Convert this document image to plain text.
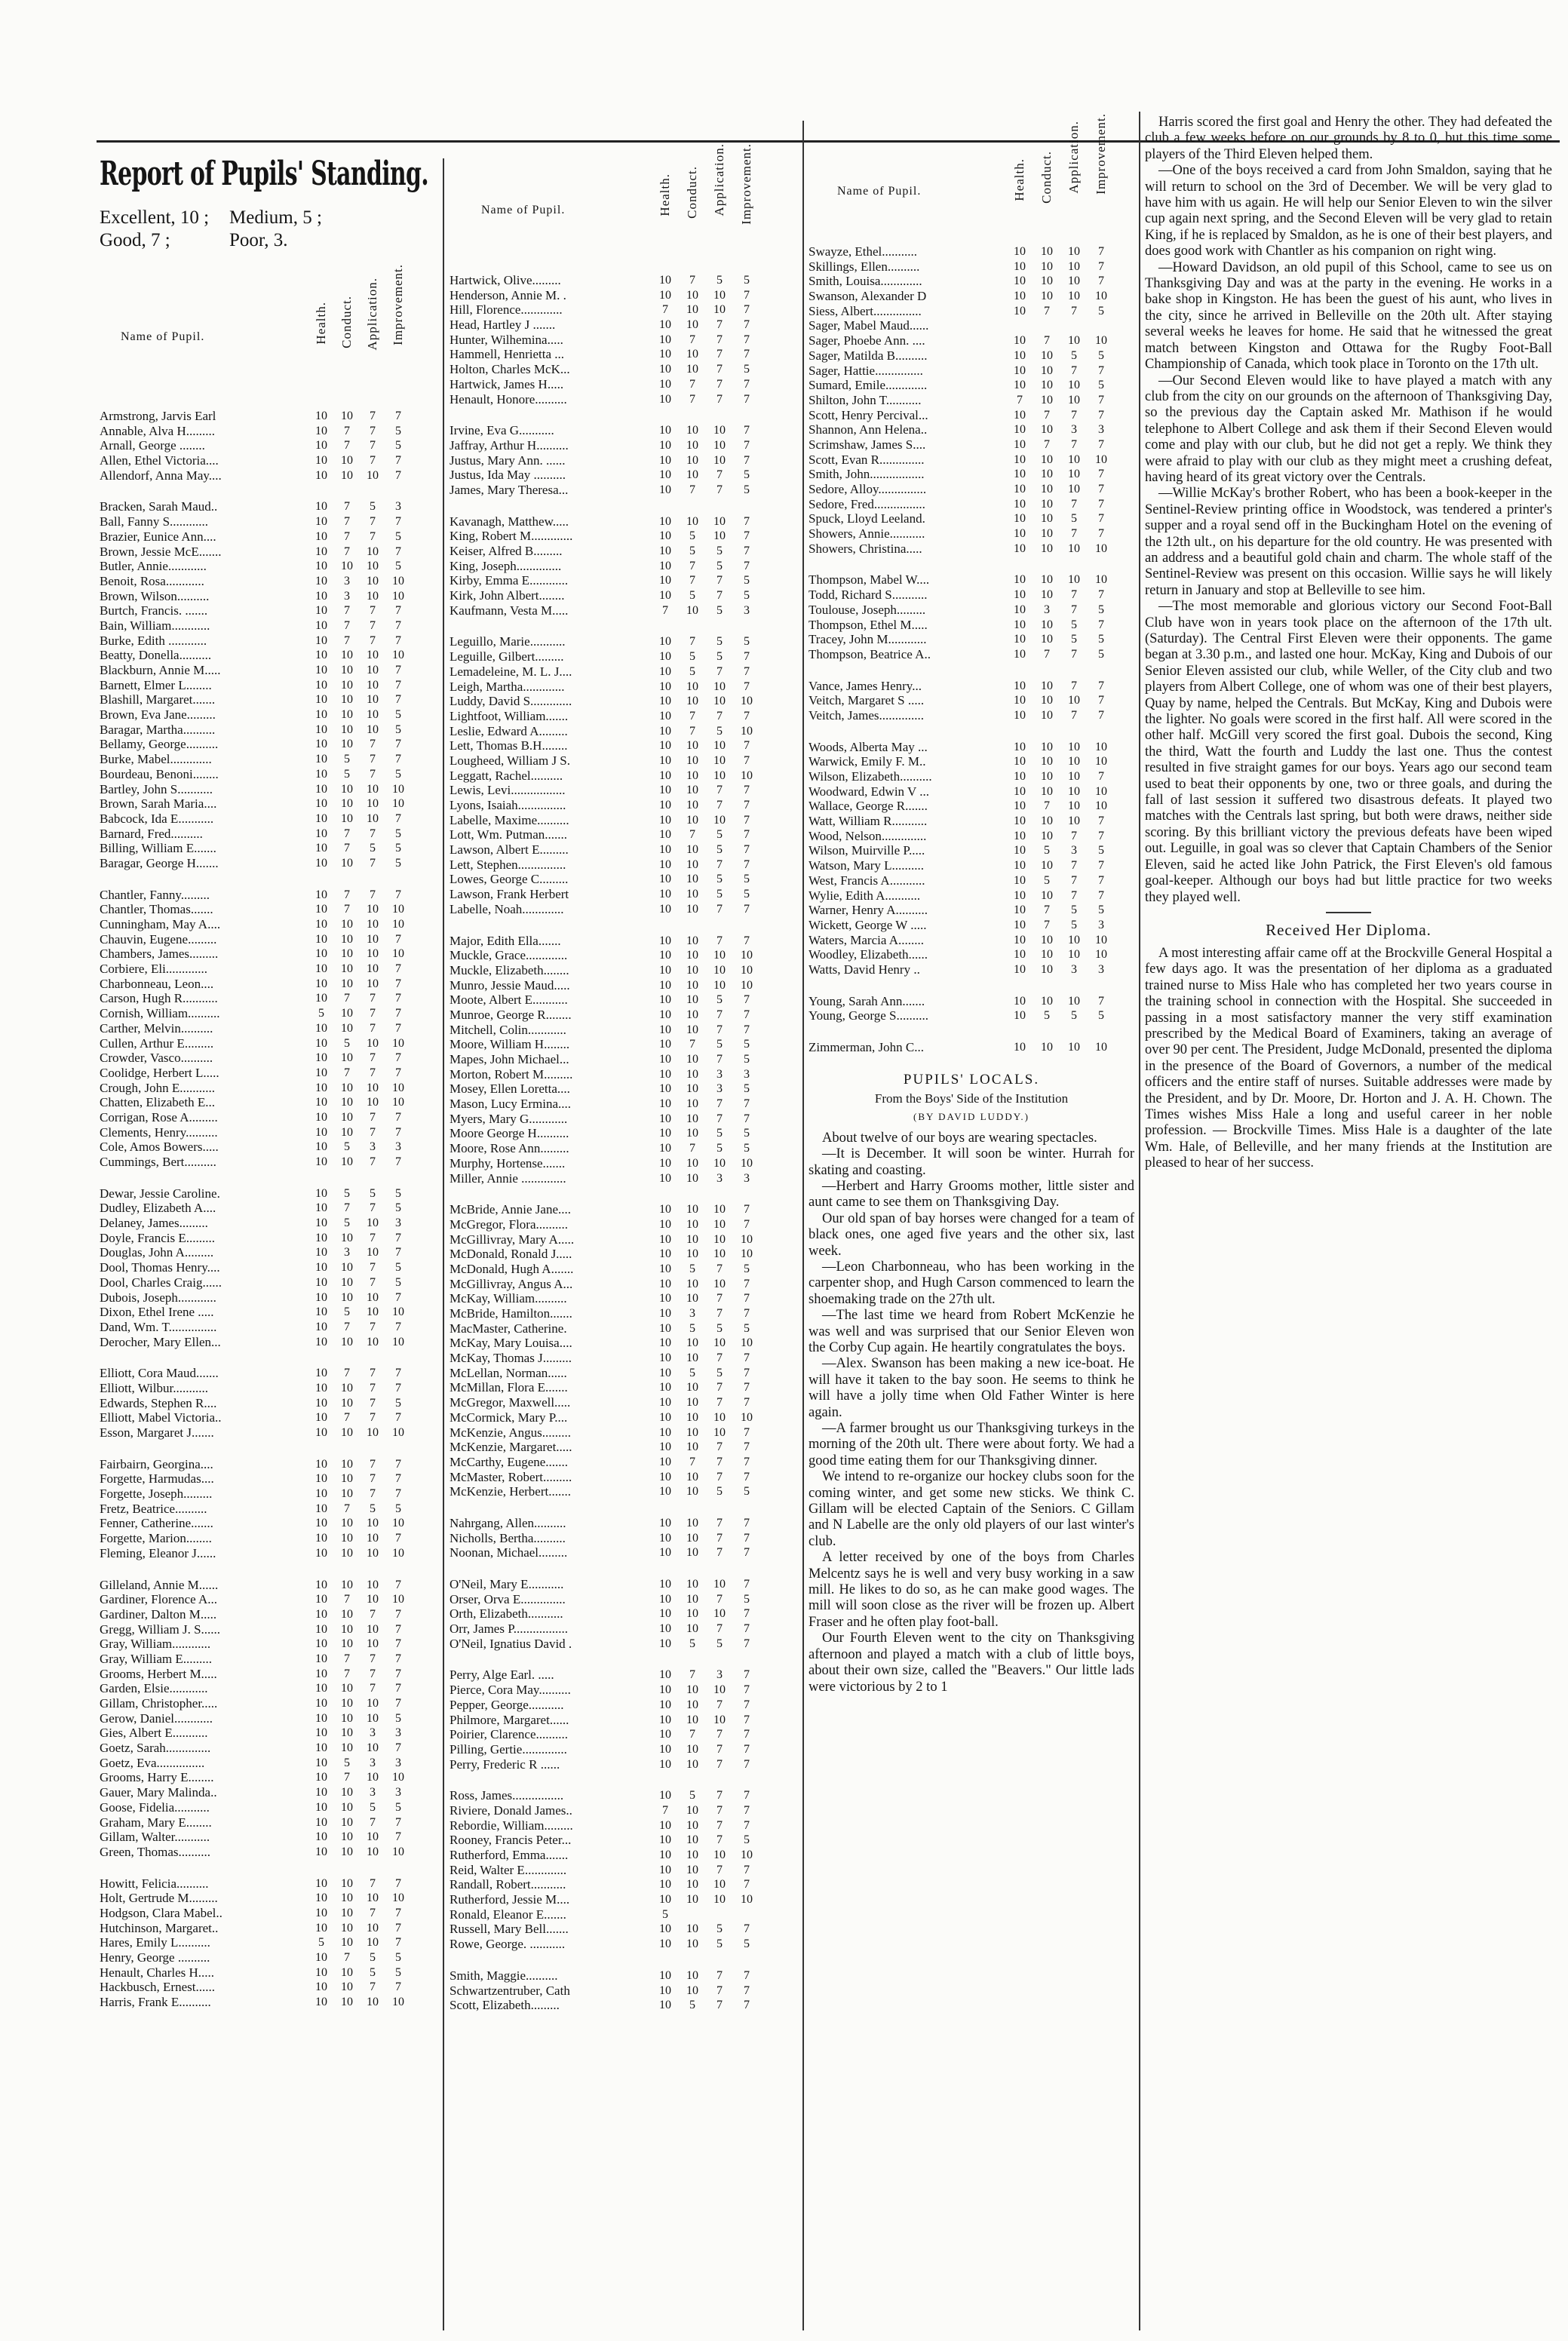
Report of Pupils' Standing.
Excellent, 10 ; Medium, 5 ;
Good, 7 ;	Poor, 3.
Name of Pupil.	Health. Conduct. Application. Improvement.
Armstrong, Jarvis Earl	10	10	7	7
Annable, Alva H.........	10	7	7	5
Arnall, George ........	10	7	7	5
Allen, Ethel Victoria....	10	10	7	7
Allendorf, Anna May....	10	10	10	7
Bracken, Sarah Maud..	10	7	5	3
Ball, Fanny S............	10	7	7	7
Brazier, Eunice Ann....	10	7	7	5
Brown, Jessie McE.......	10	7	10	7
Butler, Annie............	10	10	10	5
Benoit, Rosa............	10	3	10	10
Brown, Wilson..........	10	3	10	10
Burtch, Francis. .......	10	7	7	7
Bain, William............	10	7	7	7
Burke, Edith ............	10	7	7	7
Beatty, Donella..........	10	10	10	10
Blackburn, Annie M.....	10	10	10	7
Barnett, Elmer L........	10	10	10	7
Blashill, Margaret.......	10	10	10	7
Brown, Eva Jane.........	10	10	10	5
Baragar, Martha..........	10	10	10	5
Bellamy, George..........	10	10	7	7
Burke, Mabel.............	10	5	7	7
Bourdeau, Benoni........	10	5	7	5
Bartley, John S...........	10	10	10	10
Brown, Sarah Maria....	10	10	10	10
Babcock, Ida E...........	10	10	10	7
Barnard, Fred..........	10	7	7	5
Billing, William E.......	10	7	5	5
Baragar, George H.......	10	10	7	5
Chantler, Fanny.........	10	7	7	7
Chantler, Thomas.......	10	7	10	10
Cunningham, May A....	10	10	10	10
Chauvin, Eugene.........	10	10	10	7
Chambers, James.........	10	10	10	10
Corbiere, Eli.............	10	10	10	7
Charbonneau, Leon....	10	10	10	7
Carson, Hugh R...........	10	7	7	7
Cornish, William..........	5	10	7	7
Carther, Melvin..........	10	10	7	7
Cullen, Arthur E.........	10	5	10	10
Crowder, Vasco..........	10	10	7	7
Coolidge, Herbert L.....	10	7	7	7
Crough, John E...........	10	10	10	10
Chatten, Elizabeth E...	10	10	10	10
Corrigan, Rose A.........	10	10	7	7
Clements, Henry..........	10	10	7	7
Cole, Amos Bowers.....	10	5	3	3
Cummings, Bert..........	10	10	7	7
Dewar, Jessie Caroline.	10	5	5	5
Dudley, Elizabeth A....	10	7	7	5
Delaney, James.........	10	5	10	3
Doyle, Francis E.........	10	10	7	7
Douglas, John A.........	10	3	10	7
Dool, Thomas Henry....	10	10	7	5
Dool, Charles Craig......	10	10	7	5
Dubois, Joseph............	10	10	10	7
Dixon, Ethel Irene .....	10	5	10	10
Dand, Wm. T...............	10	7	7	7
Derocher, Mary Ellen...	10	10	10	10
Elliott, Cora Maud.......	10	7	7	7
Elliott, Wilbur...........	10	10	7	7
Edwards, Stephen R....	10	10	7	5
Elliott, Mabel Victoria..	10	7	7	7
Esson, Margaret J.......	10	10	10	10
Fairbairn, Georgina....	10	10	7	7
Forgette, Harmudas....	10	10	7	7
Forgette, Joseph.........	10	10	7	7
Fretz, Beatrice..........	10	7	5	5
Fenner, Catherine.......	10	10	10	10
Forgette, Marion........	10	10	10	7
Fleming, Eleanor J......	10	10	10	10
Gilleland, Annie M......	10	10	10	7
Gardiner, Florence A...	10	7	10	10
Gardiner, Dalton M.....	10	10	7	7
Gregg, William J. S......	10	10	10	7
Gray, William............	10	10	10	7
Gray, William E.........	10	7	7	7
Grooms, Herbert M.....	10	7	7	7
Garden, Elsie............	10	10	7	7
Gillam, Christopher.....	10	10	10	7
Gerow, Daniel............	10	10	10	5
Gies, Albert E...........	10	10	3	3
Goetz, Sarah..............	10	10	10	7
Goetz, Eva...............	10	5	3	3
Grooms, Harry E........	10	7	10	10
Gauer, Mary Malinda..	10	10	3	3
Goose, Fidelia...........	10	10	5	5
Graham, Mary E........	10	10	7	7
Gillam, Walter...........	10	10	10	7
Green, Thomas..........	10	10	10	10
Howitt, Felicia..........	10	10	7	7
Holt, Gertrude M.........	10	10	10	10
Hodgson, Clara Mabel..	10	10	7	7
Hutchinson, Margaret..	10	10	10	7
Hares, Emily L..........	5	10	10	7
Henry, George ..........	10	7	5	5
Henault, Charles H.....	10	10	5	5
Hackbusch, Ernest......	10	10	7	7
Harris, Frank E..........	10	10	10	10
Name of Pupil.	Health. Conduct. Application. Improvement.
Hartwick, Olive.........	10	7	5	5
Henderson, Annie M. .	10	10	10	7
Hill, Florence.............	7	10	10	7
Head, Hartley J .......	10	10	7	7
Hunter, Wilhemina.....	10	7	7	7
Hammell, Henrietta ...	10	10	7	7
Holton, Charles McK...	10	10	7	5
Hartwick, James H.....	10	7	7	7
Henault, Honore..........	10	7	7	7
Irvine, Eva G...........	10	10	10	7
Jaffray, Arthur H..........	10	10	10	7
Justus, Mary Ann. ......	10	10	10	7
Justus, Ida May ..........	10	10	7	5
James, Mary Theresa...	10	7	7	5
Kavanagh, Matthew.....	10	10	10	7
King, Robert M.............	10	5	10	7
Keiser, Alfred B.........	10	5	5	7
King, Joseph..............	10	7	5	7
Kirby, Emma E............	10	7	7	5
Kirk, John Albert........	10	5	7	5
Kaufmann, Vesta M.....	7	10	5	3
Leguillo, Marie...........	10	7	5	5
Leguille, Gilbert.........	10	5	5	7
Lemadeleine, M. L. J....	10	5	7	7
Leigh, Martha.............	10	10	10	7
Luddy, David S.............	10	10	10	10
Lightfoot, William.......	10	7	7	7
Leslie, Edward A.........	10	7	5	10
Lett, Thomas B.H........	10	10	10	7
Lougheed, William J S.	10	10	10	7
Leggatt, Rachel..........	10	10	10	10
Lewis, Levi.................	10	10	7	7
Lyons, Isaiah...............	10	10	7	7
Labelle, Maxime..........	10	10	10	7
Lott, Wm. Putman.......	10	7	5	7
Lawson, Albert E.........	10	10	5	7
Lett, Stephen...............	10	10	7	7
Lowes, George C.........	10	10	5	5
Lawson, Frank Herbert	10	10	5	5
Labelle, Noah.............	10	10	7	7
Major, Edith Ella.......	10	10	7	7
Muckle, Grace.............	10	10	10	10
Muckle, Elizabeth........	10	10	10	10
Munro, Jessie Maud.....	10	10	10	10
Moote, Albert E...........	10	10	5	7
Munroe, George R........	10	10	7	7
Mitchell, Colin............	10	10	7	7
Moore, William H........	10	7	5	5
Mapes, John Michael...	10	10	7	5
Morton, Robert M.........	10	10	3	3
Mosey, Ellen Loretta....	10	10	3	5
Mason, Lucy Ermina....	10	10	7	7
Myers, Mary G............	10	10	7	7
Moore George H..........	10	10	5	5
Moore, Rose Ann.........	10	7	5	5
Murphy, Hortense.......	10	10	10	10
Miller, Annie ..............	10	10	3	3
McBride, Annie Jane....	10	10	10	7
McGregor, Flora..........	10	10	10	7
McGillivray, Mary A.....	10	10	10	10
McDonald, Ronald J.....	10	10	10	10
McDonald, Hugh A.......	10	5	7	5
McGillivray, Angus A...	10	10	10	7
McKay, William..........	10	10	7	7
McBride, Hamilton.......	10	3	7	7
MacMaster, Catherine.	10	5	5	5
McKay, Mary Louisa....	10	10	10	10
McKay, Thomas J.........	10	10	7	7
McLellan, Norman......	10	5	5	7
McMillan, Flora E.......	10	10	7	7
McGregor, Maxwell.....	10	10	7	7
McCormick, Mary P....	10	10	10	10
McKenzie, Angus.........	10	10	10	7
McKenzie, Margaret.....	10	10	7	7
McCarthy, Eugene.......	10	7	7	7
McMaster, Robert.........	10	10	7	7
McKenzie, Herbert.......	10	10	5	5
Nahrgang, Allen..........	10	10	7	7
Nicholls, Bertha..........	10	10	7	7
Noonan, Michael.........	10	10	7	7
O'Neil, Mary E...........	10	10	10	7
Orser, Orva E..............	10	10	7	5
Orth, Elizabeth...........	10	10	10	7
Orr, James P.................	10	10	7	7
O'Neil, Ignatius David .	10	5	5	7
Perry, Alge Earl. .....	10	7	3	7
Pierce, Cora May..........	10	10	10	7
Pepper, George...........	10	10	7	7
Philmore, Margaret......	10	10	10	7
Poirier, Clarence..........	10	7	7	7
Pilling, Gertie..............	10	10	7	7
Perry, Frederic R ......	10	10	7	7
Ross, James................	10	5	7	7
Riviere, Donald James..	7	10	7	7
Rebordie, William.........	10	10	7	7
Rooney, Francis Peter...	10	10	7	5
Rutherford, Emma.......	10	10	10	10
Reid, Walter E.............	10	10	7	7
Randall, Robert...........	10	10	10	7
Rutherford, Jessie M....	10	10	10	10
Ronald, Eleanor E.......	5
Russell, Mary Bell.......	10	10	5	7
Rowe, George. ...........	10	10	5	5
Smith, Maggie..........	10	10	7	7
Schwartzentruber, Cath	10	10	7	7
Scott, Elizabeth.........	10	5	7	7
Name of Pupil.	Health. Conduct. Application. Improvement.
Swayze, Ethel...........	10	10	10	7
Skillings, Ellen..........	10	10	10	7
Smith, Louisa.............	10	10	10	7
Swanson, Alexander D	10	10	10	10
Siess, Albert...............	10	7	7	5
Sager, Mabel Maud......
Sager, Phoebe Ann. ....	10	7	10	10
Sager, Matilda B..........	10	10	5	5
Sager, Hattie...............	10	10	7	7
Sumard, Emile.............	10	10	10	5
Shilton, John T...........	7	10	10	7
Scott, Henry Percival...	10	7	7	7
Shannon, Ann Helena..	10	10	3	3
Scrimshaw, James S....	10	7	7	7
Scott, Evan R..............	10	10	10	10
Smith, John.................	10	10	10	7
Sedore, Alloy...............	10	10	10	7
Sedore, Fred................	10	10	7	7
Spuck, Lloyd Leeland.	10	10	5	7
Showers, Annie...........	10	10	7	7
Showers, Christina.....	10	10	10	10
Thompson, Mabel W....	10	10	10	10
Todd, Richard S...........	10	10	7	7
Toulouse, Joseph.........	10	3	7	5
Thompson, Ethel M.....	10	10	5	7
Tracey, John M............	10	10	5	5
Thompson, Beatrice A..	10	7	7	5
Vance, James Henry...	10	10	7	7
Veitch, Margaret S .....	10	10	10	7
Veitch, James..............	10	10	7	7
Woods, Alberta May ...	10	10	10	10
Warwick, Emily F. M..	10	10	10	10
Wilson, Elizabeth..........	10	10	10	7
Woodward, Edwin V ...	10	10	10	10
Wallace, George R.......	10	7	10	10
Watt, William R...........	10	10	10	7
Wood, Nelson..............	10	10	7	7
Wilson, Muirville P.....	10	5	3	5
Watson, Mary L..........	10	10	7	7
West, Francis A...........	10	5	7	7
Wylie, Edith A...........	10	10	7	7
Warner, Henry A..........	10	7	5	5
Wickett, George W .....	10	7	5	3
Waters, Marcia A........	10	10	10	10
Woodley, Elizabeth......	10	10	10	10
Watts, David Henry ..	10	10	3	3
Young, Sarah Ann.......	10	10	10	7
Young, George S..........	10	5	5	5
Zimmerman, John C...	10	10	10	10

PUPILS' LOCALS.

From the Boys' Side of the Institution

(BY DAVID LUDDY.)

About twelve of our boys are wearing spectacles.

—It is December. It will soon be winter. Hurrah for skating and coasting.

—Herbert and Harry Grooms mother, little sister and aunt came to see them on Thanksgiving Day.

Our old span of bay horses were changed for a team of black ones, one aged five years and the other six, last week.

—Leon Charbonneau, who has been working in the carpenter shop, and Hugh Carson commenced to learn the shoemaking trade on the 27th ult.

—The last time we heard from Robert McKenzie he was well and was surprised that our Senior Eleven won the Corby Cup again. He heartily congratulates the boys.

—Alex. Swanson has been making a new ice-boat. He will have it taken to the bay soon. He seems to think he will have a jolly time when Old Father Winter is here again.

—A farmer brought us our Thanksgiving turkeys in the morning of the 20th ult. There were about forty. We had a good time eating them for our Thanksgiving dinner.

We intend to re-organize our hockey clubs soon for the coming winter, and get some new sticks. We think C. Gillam will be elected Captain of the Seniors. C Gillam and N Labelle are the only old players of our last winter's club.

A letter received by one of the boys from Charles Melcentz says he is well and very busy working in a saw mill. He likes to do so, as he can make good wages. The mill will soon close as the river will be frozen up. Albert Fraser and he often play foot-ball.

Our Fourth Eleven went to the city on Thanksgiving afternoon and played a match with a club of little boys, about their own size, called the "Beavers." Our little lads were victorious by 2 to 1

Harris scored the first goal and Henry the other. They had defeated the club a few weeks before on our grounds by 8 to 0, but this time some players of the Third Eleven helped them.

—One of the boys received a card from John Smaldon, saying that he will return to school on the 3rd of December. We will be very glad to have him with us again. He will help our Senior Eleven to win the silver cup again next spring, and the Second Eleven will be very glad to retain King, if he is replaced by Smaldon, as he is one of their best players, and does good work with Chantler as his companion on right wing.

—Howard Davidson, an old pupil of this School, came to see us on Thanksgiving Day and was at the party in the evening. He works in a bake shop in Kingston. He has been the guest of his aunt, who lives in the city, since he arrived in Belleville on the 20th ult. After staying several weeks he leaves for home. He said that he witnessed the great match between Kingston and Ottawa for the Rugby Foot-Ball Championship of Canada, which took place in Toronto on the 17th ult.

—Our Second Eleven would like to have played a match with any club from the city on our grounds on the afternoon of Thanksgiving Day, so the previous day the Captain asked Mr. Mathison if he would telephone to Albert College and ask them if their Second Eleven would come and play with our club, but he did not get a reply. We think they were afraid to play with our club as they might meet a crushing defeat, having heard of its great victory over the Centrals.

—Willie McKay's brother Robert, who has been a book-keeper in the Sentinel-Review printing office in Woodstock, was tendered a printer's supper and a royal send off in the Buckingham Hotel on the evening of the 12th ult., on his departure for the old country. He was presented with an address and a beautiful gold chain and charm. The whole staff of the Sentinel-Review was present on this occasion. Willie says he will likely return in January and stop at Belleville to see him.

—The most memorable and glorious victory our Second Foot-Ball Club have won in years took place on the afternoon of the 17th ult. (Saturday). The Central First Eleven were their opponents. The game began at 3.30 p.m., and lasted one hour. McKay, King and Dubois of our Senior Eleven assisted our club, while Weller, of the City club and two players from Albert College, one of whom was one of their best players, Quay by name, helped the Centrals. But McKay, King and Dubois were the lighter. No goals were scored in the first half. All were scored in the other half. McGill very scored the first goal. Dubois the second, King the third, Watt the fourth and Luddy the last one. Thus the contest resulted in five straight games for our boys. Years ago our second team used to beat their opponents by one, two or three goals, and during the fall of last session it suffered two disastrous defeats. It played two matches with the Centrals last spring, but both were draws, neither side scoring. By this brilliant victory the previous defeats have been wiped out. Leguille, in goal was so clever that Captain Chambers of the Senior Eleven, said he acted like John Patrick, the First Eleven's old famous goal-keeper. Although our boys had but little practice for two weeks they played well.

Received Her Diploma.

A most interesting affair came off at the Brockville General Hospital a few days ago. It was the presentation of her diploma as a graduated trained nurse to Miss Hale who has completed her two years course in the training school in connection with the Hospital. She succeeded in passing in a most satisfactory manner the very stiff examination prescribed by the Medical Board of Examiners, taking an average of over 90 per cent. The President, Judge McDonald, presented the diploma in the presence of the Board of Governors, a number of the medical officers and the entire staff of nurses. Suitable addresses were made by the President, and by Dr. Moore, Dr. Horton and J. A. H. Chown. The Times wishes Miss Hale a long and useful career in her noble profession. — Brockville Times. Miss Hale is a daughter of the late Wm. Hale, of Belleville, and her many friends at the Institution are pleased to hear of her success.
